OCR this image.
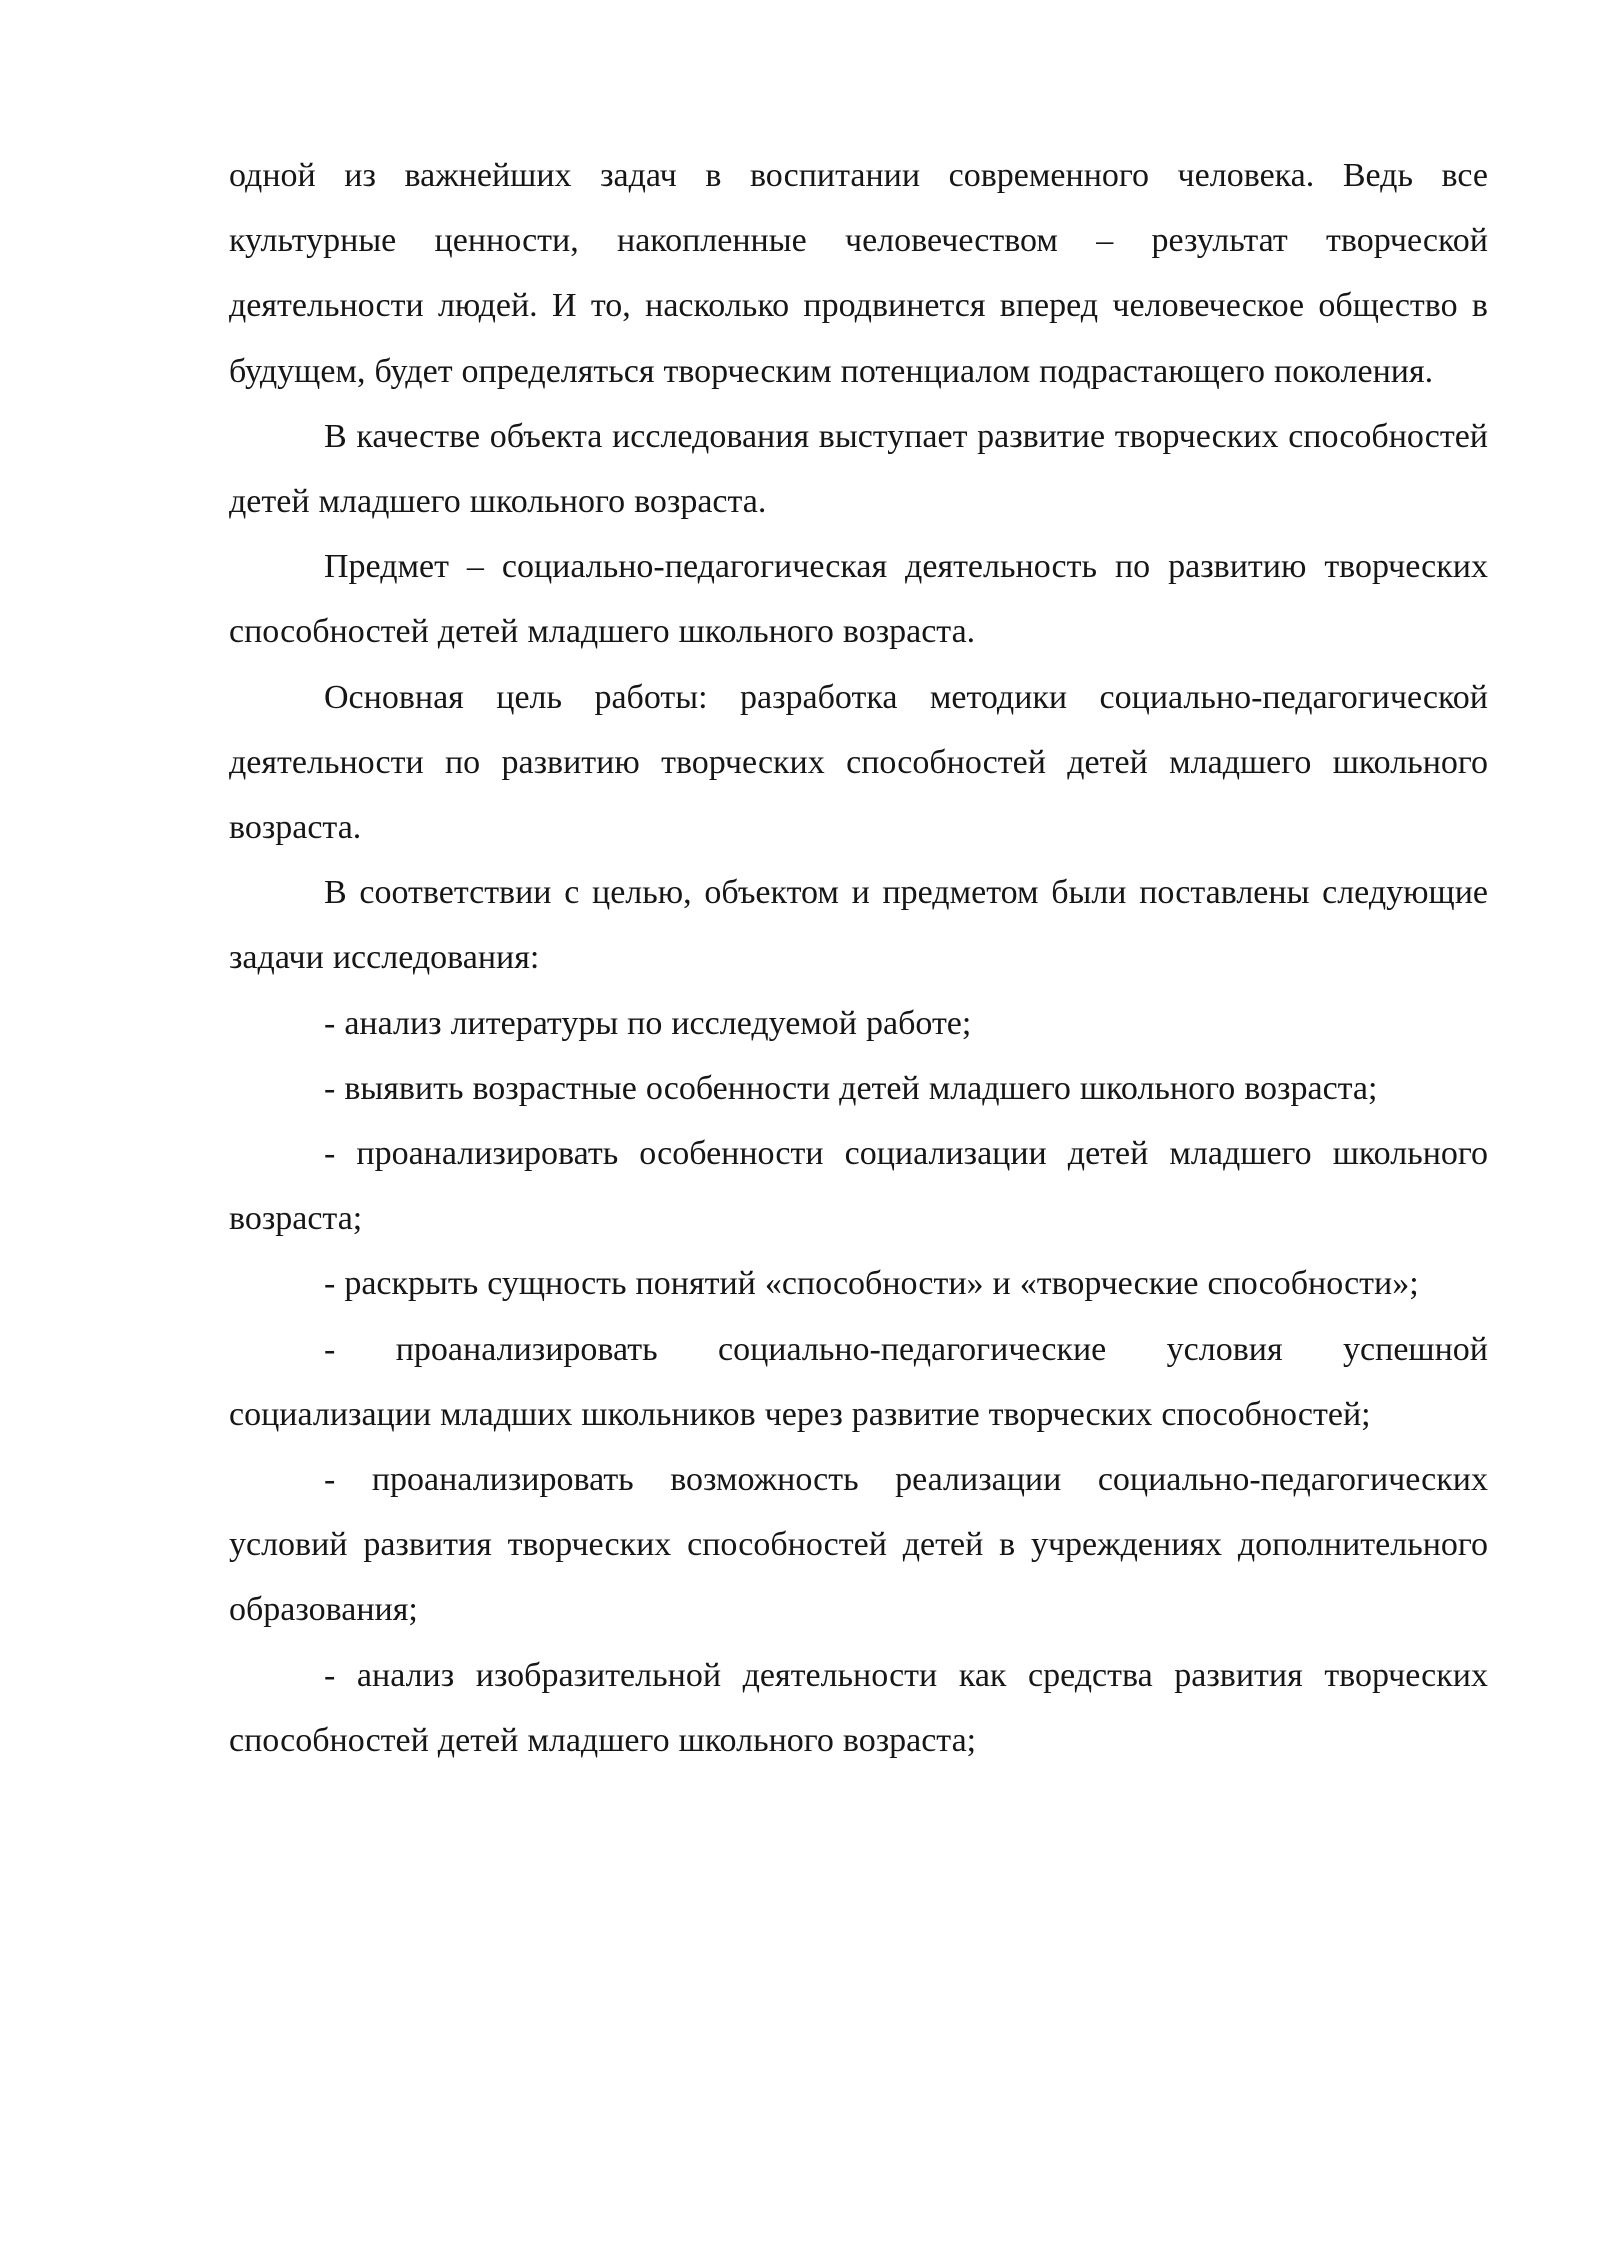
одной из важнейших задач в воспитании современного человека. Ведь все культурные ценности, накопленные человечеством – результат творческой деятельности людей. И то, насколько продвинется вперед человеческое общество в будущем, будет определяться творческим потенциалом подрастающего поколения.

В качестве объекта исследования выступает развитие творческих способностей детей младшего школьного возраста.

Предмет – социально-педагогическая деятельность по развитию творческих способностей детей младшего школьного возраста.

Основная цель работы: разработка методики социально-педагогической деятельности по развитию творческих способностей детей младшего школьного возраста.

В соответствии с целью, объектом и предметом были поставлены следующие задачи исследования:

- анализ литературы по исследуемой работе;

- выявить возрастные особенности детей младшего школьного возраста;

- проанализировать особенности социализации детей младшего школьного возраста;

- раскрыть сущность понятий «способности» и «творческие способности»;

- проанализировать социально-педагогические условия успешной социализации младших школьников через развитие творческих способностей;

- проанализировать возможность реализации социально-педагогических условий развития творческих способностей детей в учреждениях дополнительного образования;

- анализ изобразительной деятельности как средства развития творческих способностей детей младшего школьного возраста;
